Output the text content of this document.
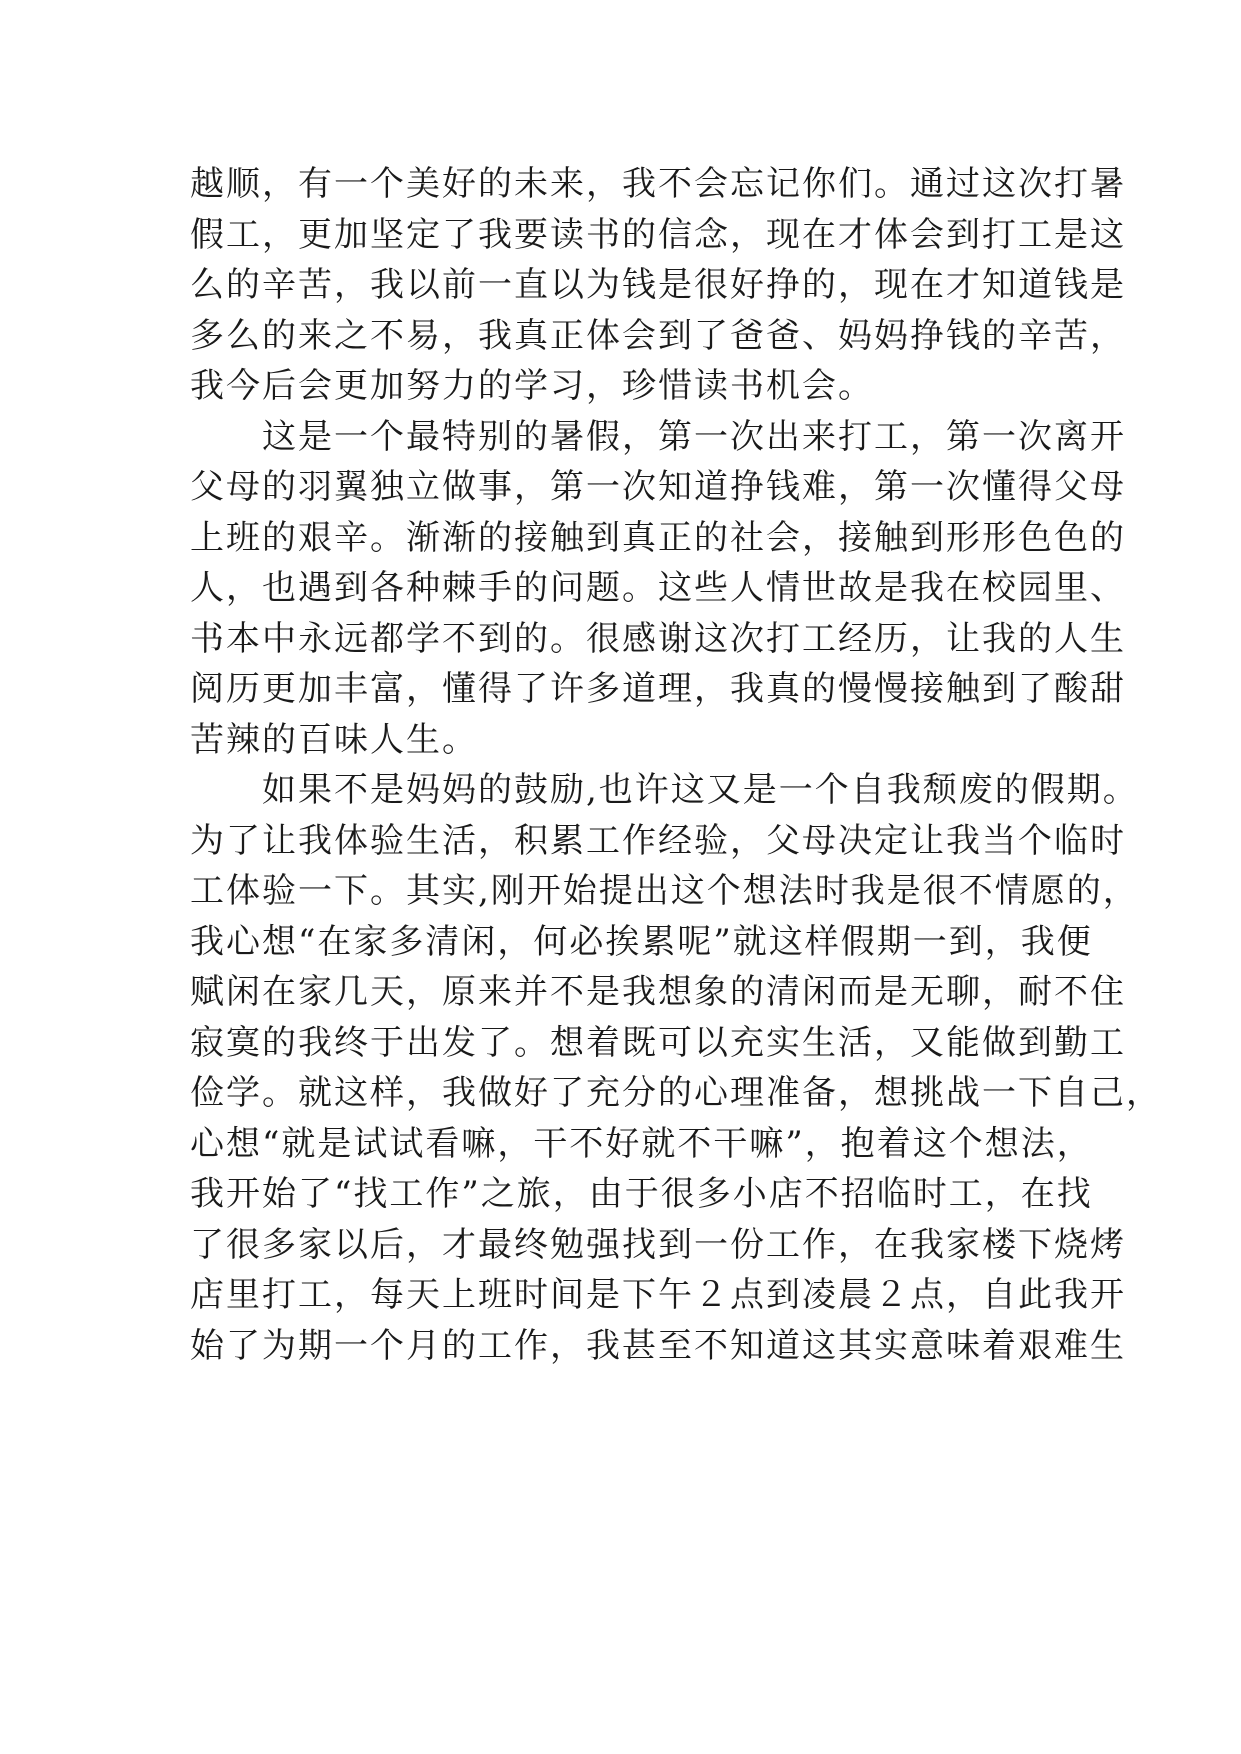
越顺，有一个美好的未来，我不会忘记你们。通过这次打暑
假工，更加坚定了我要读书的信念，现在才体会到打工是这
么的辛苦，我以前一直以为钱是很好挣的，现在才知道钱是
多么的来之不易，我真正体会到了爸爸、妈妈挣钱的辛苦，
我今后会更加努力的学习，珍惜读书机会。
　　这是一个最特别的暑假，第一次出来打工，第一次离开
父母的羽翼独立做事，第一次知道挣钱难，第一次懂得父母
上班的艰辛。渐渐的接触到真正的社会，接触到形形色色的
人，也遇到各种棘手的问题。这些人情世故是我在校园里、
书本中永远都学不到的。很感谢这次打工经历，让我的人生
阅历更加丰富，懂得了许多道理，我真的慢慢接触到了酸甜
苦辣的百味人生。
　　如果不是妈妈的鼓励,也许这又是一个自我颓废的假期。
为了让我体验生活，积累工作经验，父母决定让我当个临时
工体验一下。其实,刚开始提出这个想法时我是很不情愿的，
我心想“在家多清闲，何必挨累呢”就这样假期一到，我便
赋闲在家几天，原来并不是我想象的清闲而是无聊，耐不住
寂寞的我终于出发了。想着既可以充实生活，又能做到勤工
俭学。就这样，我做好了充分的心理准备，想挑战一下自己，
心想“就是试试看嘛，干不好就不干嘛”，抱着这个想法，
我开始了“找工作”之旅，由于很多小店不招临时工，在找
了很多家以后，才最终勉强找到一份工作，在我家楼下烧烤
店里打工，每天上班时间是下午２点到凌晨２点，自此我开
始了为期一个月的工作，我甚至不知道这其实意味着艰难生
